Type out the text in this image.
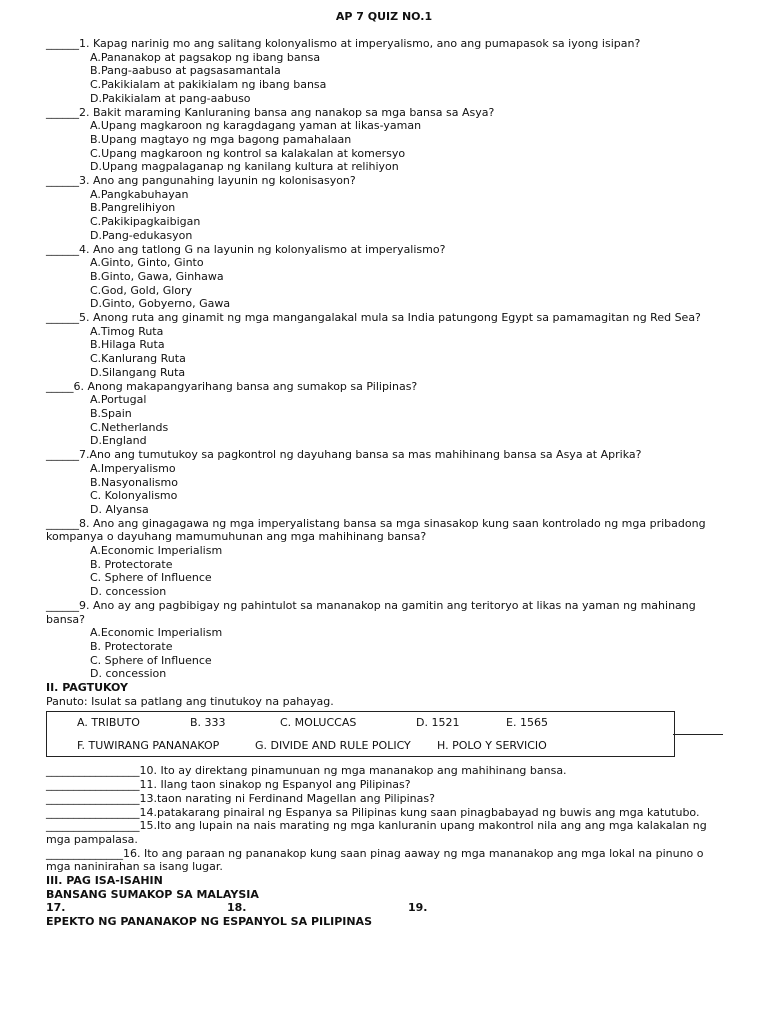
AP 7 QUIZ NO.1
______1. Kapag narinig mo ang salitang kolonyalismo at imperyalismo, ano ang pumapasok sa iyong isipan?
A.Pananakop at pagsakop ng ibang bansa
B.Pang-aabuso at pagsasamantala
C.Pakikialam at pakikialam ng ibang bansa
D.Pakikialam at pang-aabuso
______2. Bakit maraming Kanluraning bansa ang nanakop sa mga bansa sa Asya?
A.Upang magkaroon ng karagdagang yaman at likas-yaman
B.Upang magtayo ng mga bagong pamahalaan
C.Upang magkaroon ng kontrol sa kalakalan at komersyo
D.Upang magpalaganap ng kanilang kultura at relihiyon
______3. Ano ang pangunahing layunin ng kolonisasyon?
A.Pangkabuhayan
B.Pangrelihiyon
C.Pakikipagkaibigan
D.Pang-edukasyon
______4. Ano ang tatlong G na layunin ng kolonyalismo at imperyalismo?
A.Ginto, Ginto, Ginto
B.Ginto, Gawa, Ginhawa
C.God, Gold, Glory
D.Ginto, Gobyerno, Gawa
______5. Anong ruta ang ginamit ng mga mangangalakal mula sa India patungong Egypt sa pamamagitan ng Red Sea?
A.Timog Ruta
B.Hilaga Ruta
C.Kanlurang Ruta
D.Silangang Ruta
_____6. Anong makapangyarihang bansa ang sumakop sa Pilipinas?
A.Portugal
B.Spain
C.Netherlands
D.England
______7.Ano ang tumutukoy sa pagkontrol ng dayuhang bansa sa mas mahihinang bansa sa Asya at Aprika?
A.Imperyalismo
B.Nasyonalismo
C. Kolonyalismo
D. Alyansa
______8. Ano ang ginagagawa ng mga imperyalistang bansa sa mga sinasakop kung saan kontrolado ng mga pribadong kompanya o dayuhang mamumuhunan ang mga mahihinang bansa?
A.Economic Imperialism
B. Protectorate
C. Sphere of Influence
D. concession
______9. Ano ay ang pagbibigay ng pahintulot sa mananakop na gamitin ang teritoryo at likas na yaman ng mahinang bansa?
A.Economic Imperialism
B. Protectorate
C. Sphere of Influence
D. concession
II. PAGTUKOY
Panuto: Isulat sa patlang ang tinutukoy na pahayag.
A. TRIBUTO	B. 333	C. MOLUCCAS	D. 1521	E. 1565
F. TUWIRANG PANANAKOP	G. DIVIDE AND RULE POLICY H. POLO Y SERVICIO
_________________10. Ito ay direktang pinamunuan ng mga mananakop ang mahihinang bansa.
_________________11. Ilang taon sinakop ng Espanyol ang Pilipinas?
_________________13.taon narating ni Ferdinand Magellan ang Pilipinas?
_________________14.patakarang pinairal ng Espanya sa Pilipinas kung saan pinagbabayad ng buwis ang mga katutubo.
_________________15.Ito ang lupain na nais marating ng mga kanluranin upang makontrol nila ang ang mga kalakalan ng mga pampalasa.
______________16. Ito ang paraan ng pananakop kung saan pinag aaway ng mga mananakop ang mga lokal na pinuno o mga naninirahan sa isang lugar.
III. PAG ISA-ISAHIN
BANSANG SUMAKOP SA MALAYSIA
17.	18.	19.
EPEKTO NG PANANAKOP NG ESPANYOL SA PILIPINAS
